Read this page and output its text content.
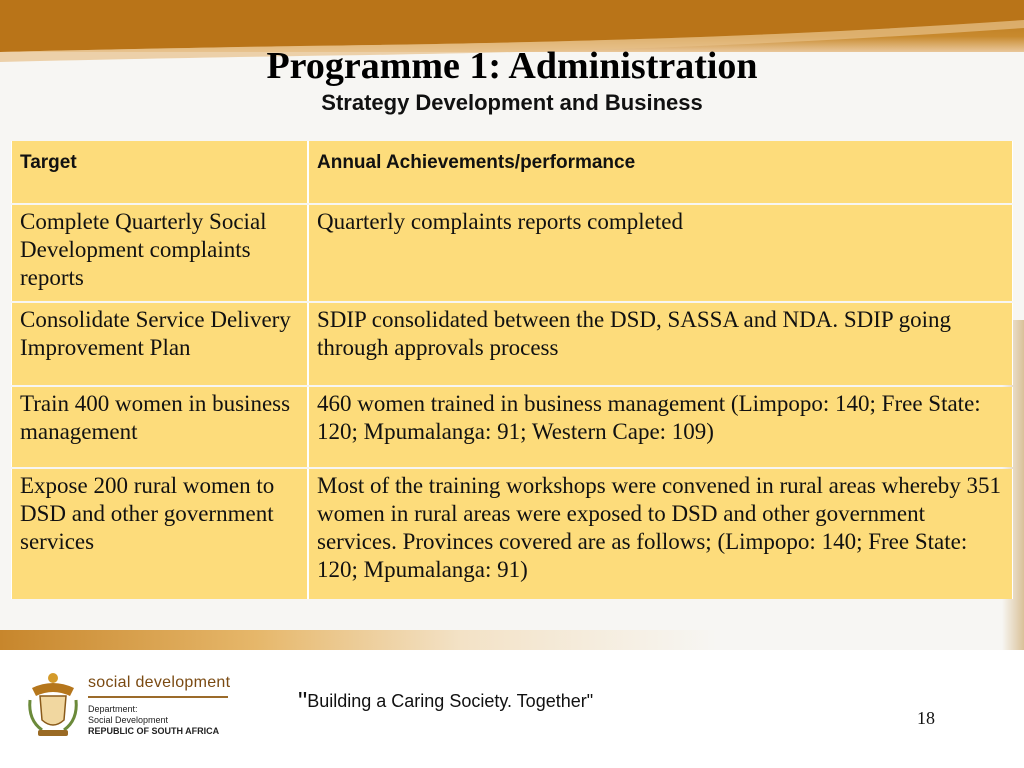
Programme 1: Administration
Strategy Development and Business
Target	Annual Achievements/performance
Complete Quarterly Social Development complaints reports	Quarterly complaints reports completed
Consolidate Service Delivery Improvement Plan	SDIP consolidated between the DSD, SASSA and NDA. SDIP going through approvals process
Train 400 women in business management	460 women trained in business management (Limpopo: 140; Free State: 120; Mpumalanga: 91; Western Cape: 109)
Expose 200 rural women to DSD and other government services	Most of the training workshops were convened in rural areas whereby 351 women in rural areas were exposed to DSD and other government services. Provinces covered are as follows; (Limpopo: 140; Free State: 120; Mpumalanga: 91)
social development
Department:
Social Development
REPUBLIC OF SOUTH AFRICA
"Building a Caring Society. Together"
18
